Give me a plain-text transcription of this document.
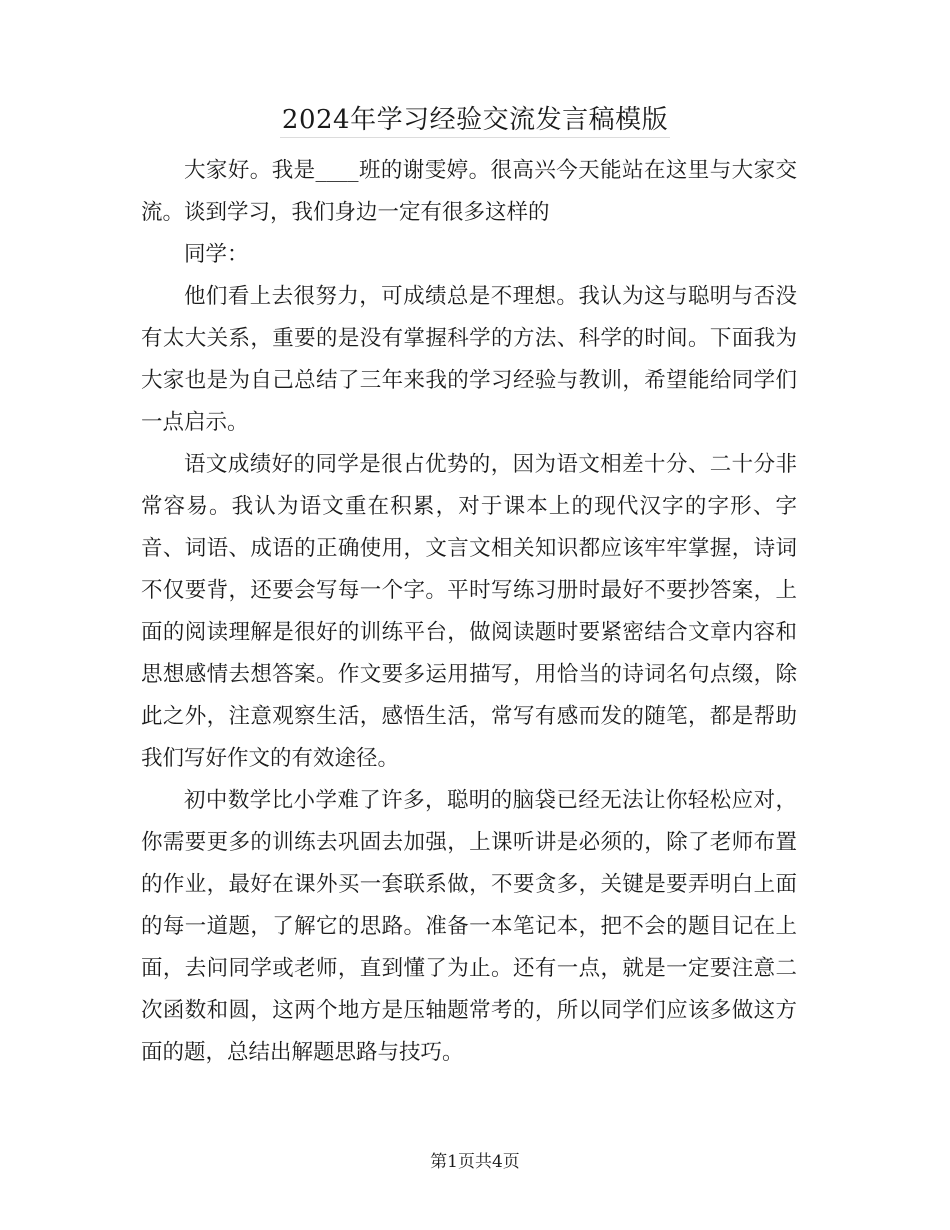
2024年学习经验交流发言稿模版

大家好。我是____班的谢雯婷。很高兴今天能站在这里与大家交流。谈到学习，我们身边一定有很多这样的

同学：

他们看上去很努力，可成绩总是不理想。我认为这与聪明与否没有太大关系，重要的是没有掌握科学的方法、科学的时间。下面我为大家也是为自己总结了三年来我的学习经验与教训，希望能给同学们一点启示。

语文成绩好的同学是很占优势的，因为语文相差十分、二十分非常容易。我认为语文重在积累，对于课本上的现代汉字的字形、字音、词语、成语的正确使用，文言文相关知识都应该牢牢掌握，诗词不仅要背，还要会写每一个字。平时写练习册时最好不要抄答案，上面的阅读理解是很好的训练平台，做阅读题时要紧密结合文章内容和思想感情去想答案。作文要多运用描写，用恰当的诗词名句点缀，除此之外，注意观察生活，感悟生活，常写有感而发的随笔，都是帮助我们写好作文的有效途径。

初中数学比小学难了许多，聪明的脑袋已经无法让你轻松应对，你需要更多的训练去巩固去加强，上课听讲是必须的，除了老师布置的作业，最好在课外买一套联系做，不要贪多，关键是要弄明白上面的每一道题，了解它的思路。准备一本笔记本，把不会的题目记在上面，去问同学或老师，直到懂了为止。还有一点，就是一定要注意二次函数和圆，这两个地方是压轴题常考的，所以同学们应该多做这方面的题，总结出解题思路与技巧。

第1页共4页
